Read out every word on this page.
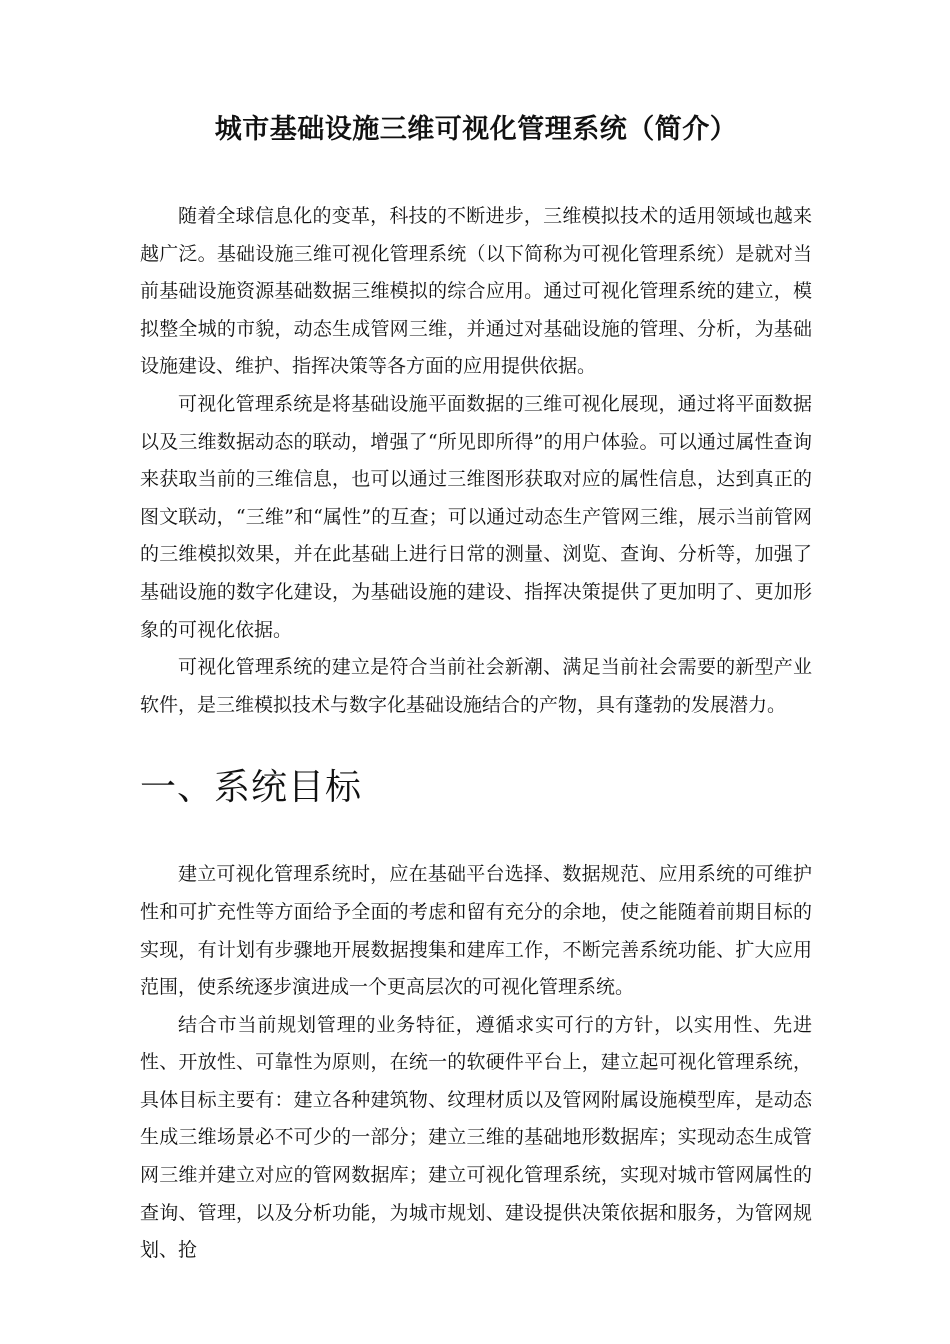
城市基础设施三维可视化管理系统（简介）

随着全球信息化的变革，科技的不断进步，三维模拟技术的适用领域也越来越广泛。基础设施三维可视化管理系统（以下简称为可视化管理系统）是就对当前基础设施资源基础数据三维模拟的综合应用。通过可视化管理系统的建立，模拟整全城的市貌，动态生成管网三维，并通过对基础设施的管理、分析，为基础设施建设、维护、指挥决策等各方面的应用提供依据。

可视化管理系统是将基础设施平面数据的三维可视化展现，通过将平面数据以及三维数据动态的联动，增强了“所见即所得”的用户体验。可以通过属性查询来获取当前的三维信息，也可以通过三维图形获取对应的属性信息，达到真正的图文联动，“三维”和“属性”的互查；可以通过动态生产管网三维，展示当前管网的三维模拟效果，并在此基础上进行日常的测量、浏览、查询、分析等，加强了基础设施的数字化建设，为基础设施的建设、指挥决策提供了更加明了、更加形象的可视化依据。

可视化管理系统的建立是符合当前社会新潮、满足当前社会需要的新型产业软件，是三维模拟技术与数字化基础设施结合的产物，具有蓬勃的发展潜力。

一、系统目标

建立可视化管理系统时，应在基础平台选择、数据规范、应用系统的可维护性和可扩充性等方面给予全面的考虑和留有充分的余地，使之能随着前期目标的实现，有计划有步骤地开展数据搜集和建库工作，不断完善系统功能、扩大应用范围，使系统逐步演进成一个更高层次的可视化管理系统。

结合市当前规划管理的业务特征，遵循求实可行的方针，以实用性、先进性、开放性、可靠性为原则，在统一的软硬件平台上，建立起可视化管理系统，具体目标主要有：建立各种建筑物、纹理材质以及管网附属设施模型库，是动态生成三维场景必不可少的一部分；建立三维的基础地形数据库；实现动态生成管网三维并建立对应的管网数据库；建立可视化管理系统，实现对城市管网属性的查询、管理，以及分析功能，为城市规划、建设提供决策依据和服务，为管网规划、抢
